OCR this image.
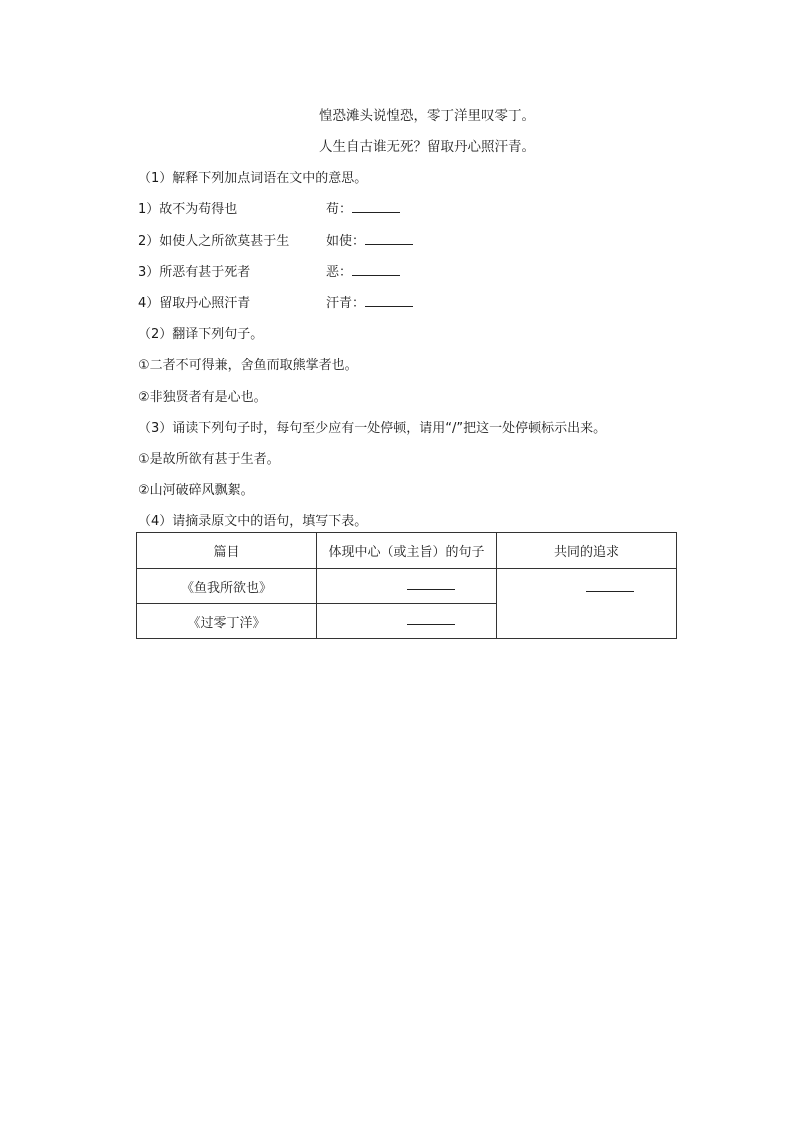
惶恐滩头说惶恐，零丁洋里叹零丁。
人生自古谁无死？留取丹心照汗青。
（1）解释下列加点词语在文中的意思。
1）故不为苟得也	苟：
2）如使人之所欲莫甚于生	如使：
3）所恶有甚于死者	恶：
4）留取丹心照汗青	汗青：
（2）翻译下列句子。
①二者不可得兼，舍鱼而取熊掌者也。
②非独贤者有是心也。
（3）诵读下列句子时，每句至少应有一处停顿，请用“/”把这一处停顿标示出来。
①是故所欲有甚于生者。
②山河破碎风飘絮。
（4）请摘录原文中的语句，填写下表。
篇目	体现中心（或主旨）的句子	共同的追求
《鱼我所欲也》		

《过零丁洋》		
